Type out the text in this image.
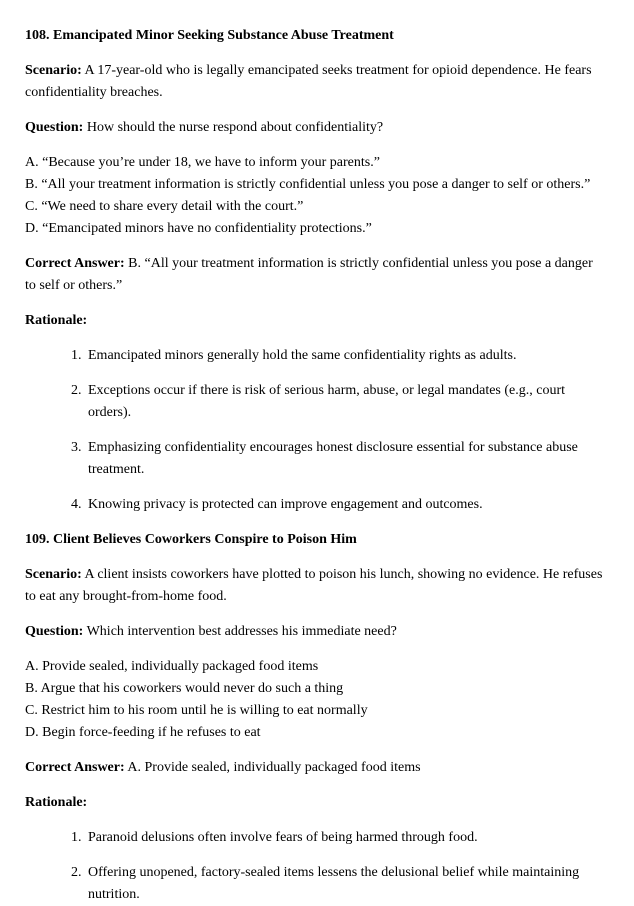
108. Emancipated Minor Seeking Substance Abuse Treatment

Scenario: A 17-year-old who is legally emancipated seeks treatment for opioid dependence. He fears confidentiality breaches.

Question: How should the nurse respond about confidentiality?

A. “Because you’re under 18, we have to inform your parents.”
B. “All your treatment information is strictly confidential unless you pose a danger to self or others.”
C. “We need to share every detail with the court.”
D. “Emancipated minors have no confidentiality protections.”

Correct Answer: B. “All your treatment information is strictly confidential unless you pose a danger to self or others.”

Rationale:

1. Emancipated minors generally hold the same confidentiality rights as adults.
2. Exceptions occur if there is risk of serious harm, abuse, or legal mandates (e.g., court orders).
3. Emphasizing confidentiality encourages honest disclosure essential for substance abuse treatment.
4. Knowing privacy is protected can improve engagement and outcomes.
109. Client Believes Coworkers Conspire to Poison Him

Scenario: A client insists coworkers have plotted to poison his lunch, showing no evidence. He refuses to eat any brought-from-home food.

Question: Which intervention best addresses his immediate need?

A. Provide sealed, individually packaged food items
B. Argue that his coworkers would never do such a thing
C. Restrict him to his room until he is willing to eat normally
D. Begin force-feeding if he refuses to eat

Correct Answer: A. Provide sealed, individually packaged food items

Rationale:

1. Paranoid delusions often involve fears of being harmed through food.
2. Offering unopened, factory-sealed items lessens the delusional belief while maintaining nutrition.
